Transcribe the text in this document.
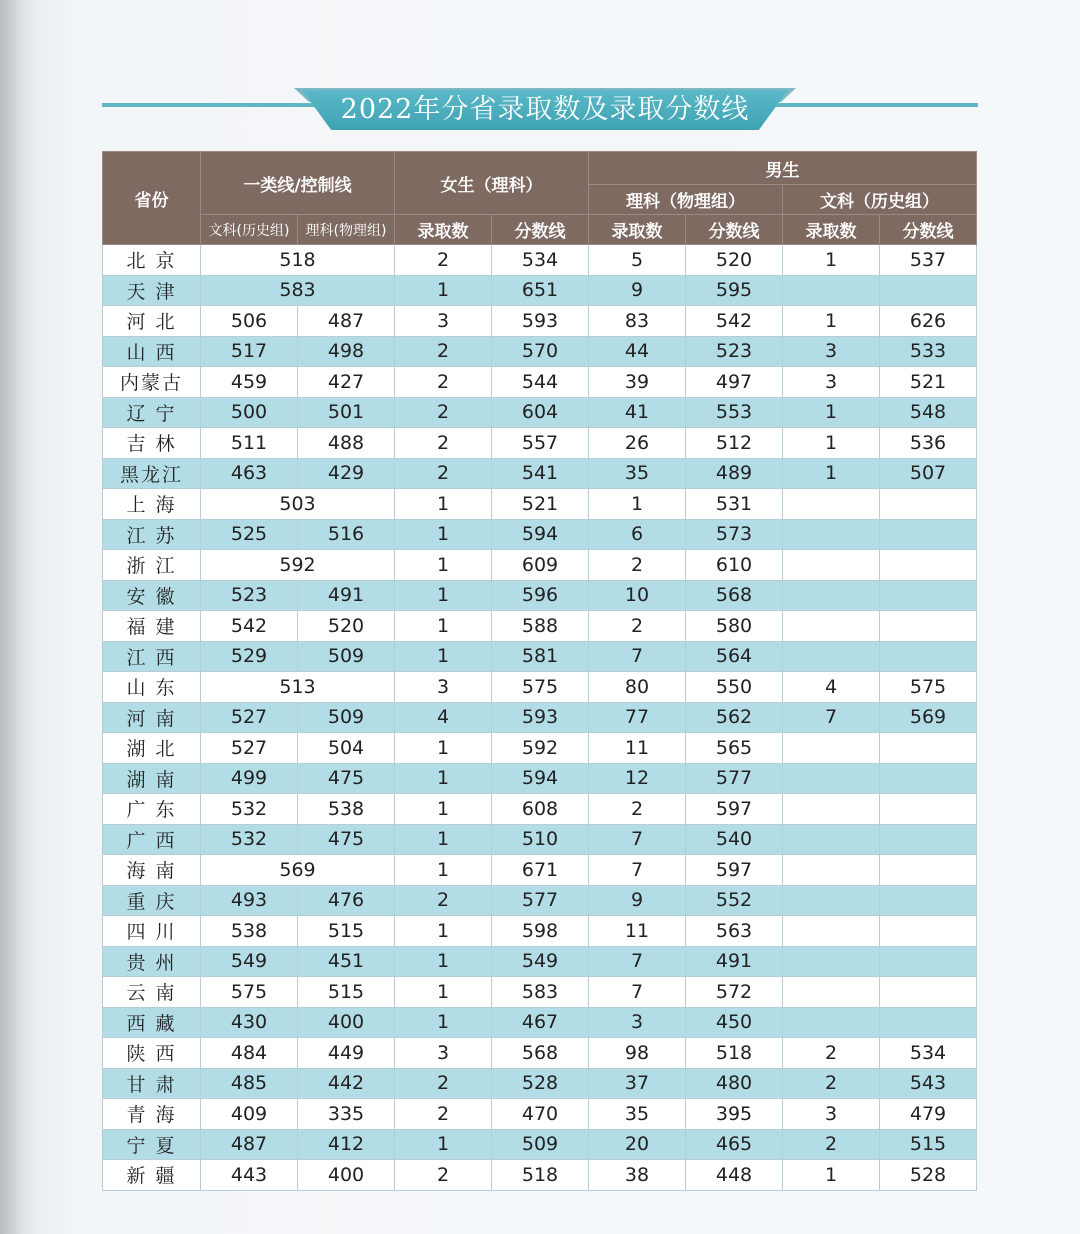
2022年分省录取数及录取分数线
省份	一类线/控制线		女生（理科）		男生			
					理科（物理组）		文科（历史组）	
	文科(历史组)	理科(物理组)	录取数	分数线	录取数	分数线	录取数	分数线
北 京	518		2	534	5	520	1	537
天 津	583		1	651	9	595		
河 北	506	487	3	593	83	542	1	626
山 西	517	498	2	570	44	523	3	533
内蒙古	459	427	2	544	39	497	3	521
辽 宁	500	501	2	604	41	553	1	548
吉 林	511	488	2	557	26	512	1	536
黑龙江	463	429	2	541	35	489	1	507
上 海	503		1	521	1	531		
江 苏	525	516	1	594	6	573		
浙 江	592		1	609	2	610		
安 徽	523	491	1	596	10	568		
福 建	542	520	1	588	2	580		
江 西	529	509	1	581	7	564		
山 东	513		3	575	80	550	4	575
河 南	527	509	4	593	77	562	7	569
湖 北	527	504	1	592	11	565		
湖 南	499	475	1	594	12	577		
广 东	532	538	1	608	2	597		
广 西	532	475	1	510	7	540		
海 南	569		1	671	7	597		
重 庆	493	476	2	577	9	552		
四 川	538	515	1	598	11	563		
贵 州	549	451	1	549	7	491		
云 南	575	515	1	583	7	572		
西 藏	430	400	1	467	3	450		
陕 西	484	449	3	568	98	518	2	534
甘 肃	485	442	2	528	37	480	2	543
青 海	409	335	2	470	35	395	3	479
宁 夏	487	412	1	509	20	465	2	515
新 疆	443	400	2	518	38	448	1	528
